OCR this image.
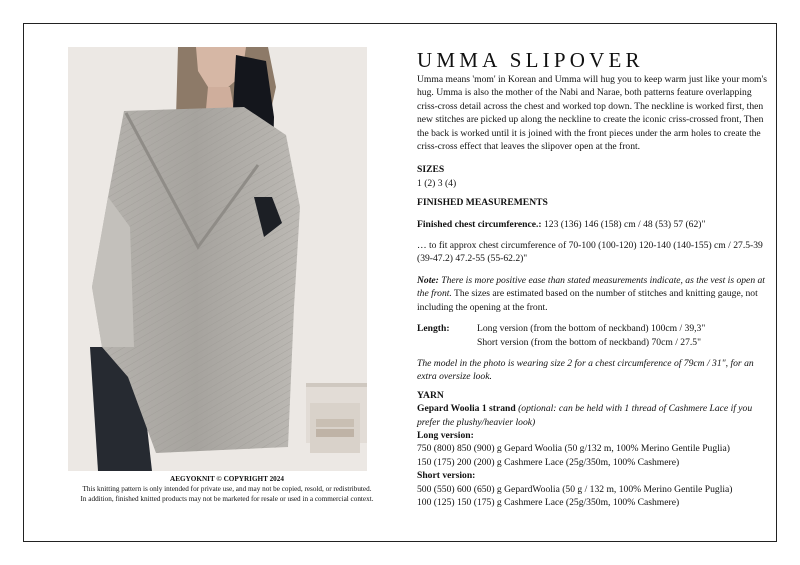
AEGYOKNIT © COPYRIGHT 2024
This knitting pattern is only intended for private use, and may not be copied, resold, or redistributed.
In addition, finished knitted products may not be marketed for resale or used in a commercial context.
UMMA SLIPOVER
Umma means 'mom' in Korean and Umma will hug you to keep warm just like your mom's hug. Umma is also the mother of the Nabi and Narae, both patterns feature overlapping criss-cross detail across the chest and worked top down. The neckline is worked first, then new stitches are picked up along the neckline to create the iconic criss-crossed front, Then the back is worked until it is joined with the front pieces under the arm holes to create the criss-cross effect that leaves the slipover open at the front.
SIZES
1 (2) 3 (4)
FINISHED MEASUREMENTS
Finished chest circumference.: 123 (136) 146 (158) cm / 48 (53) 57 (62)"
… to fit approx chest circumference of 70-100 (100-120) 120-140 (140-155) cm / 27.5-39 (39-47.2) 47.2-55 (55-62.2)"
Note: There is more positive ease than stated measurements indicate, as the vest is open at the front. The sizes are estimated based on the number of stitches and knitting gauge, not including the opening at the front.
Length:	Long version (from the bottom of neckband) 100cm / 39,3"
Short version (from the bottom of neckband) 70cm / 27.5"
The model in the photo is wearing size 2 for a chest circumference of 79cm / 31", for an extra oversize look.
YARN
Gepard Woolia 1 strand (optional: can be held with 1 thread of Cashmere Lace if you prefer the plushy/heavier look)
Long version:
750 (800) 850 (900) g Gepard Woolia (50 g/132 m, 100% Merino Gentile Puglia)
150 (175) 200 (200) g Cashmere Lace (25g/350m, 100% Cashmere)
Short version:
500 (550) 600 (650) g GepardWoolia (50 g / 132 m, 100% Merino Gentile Puglia)
100 (125) 150 (175) g Cashmere Lace (25g/350m, 100% Cashmere)
